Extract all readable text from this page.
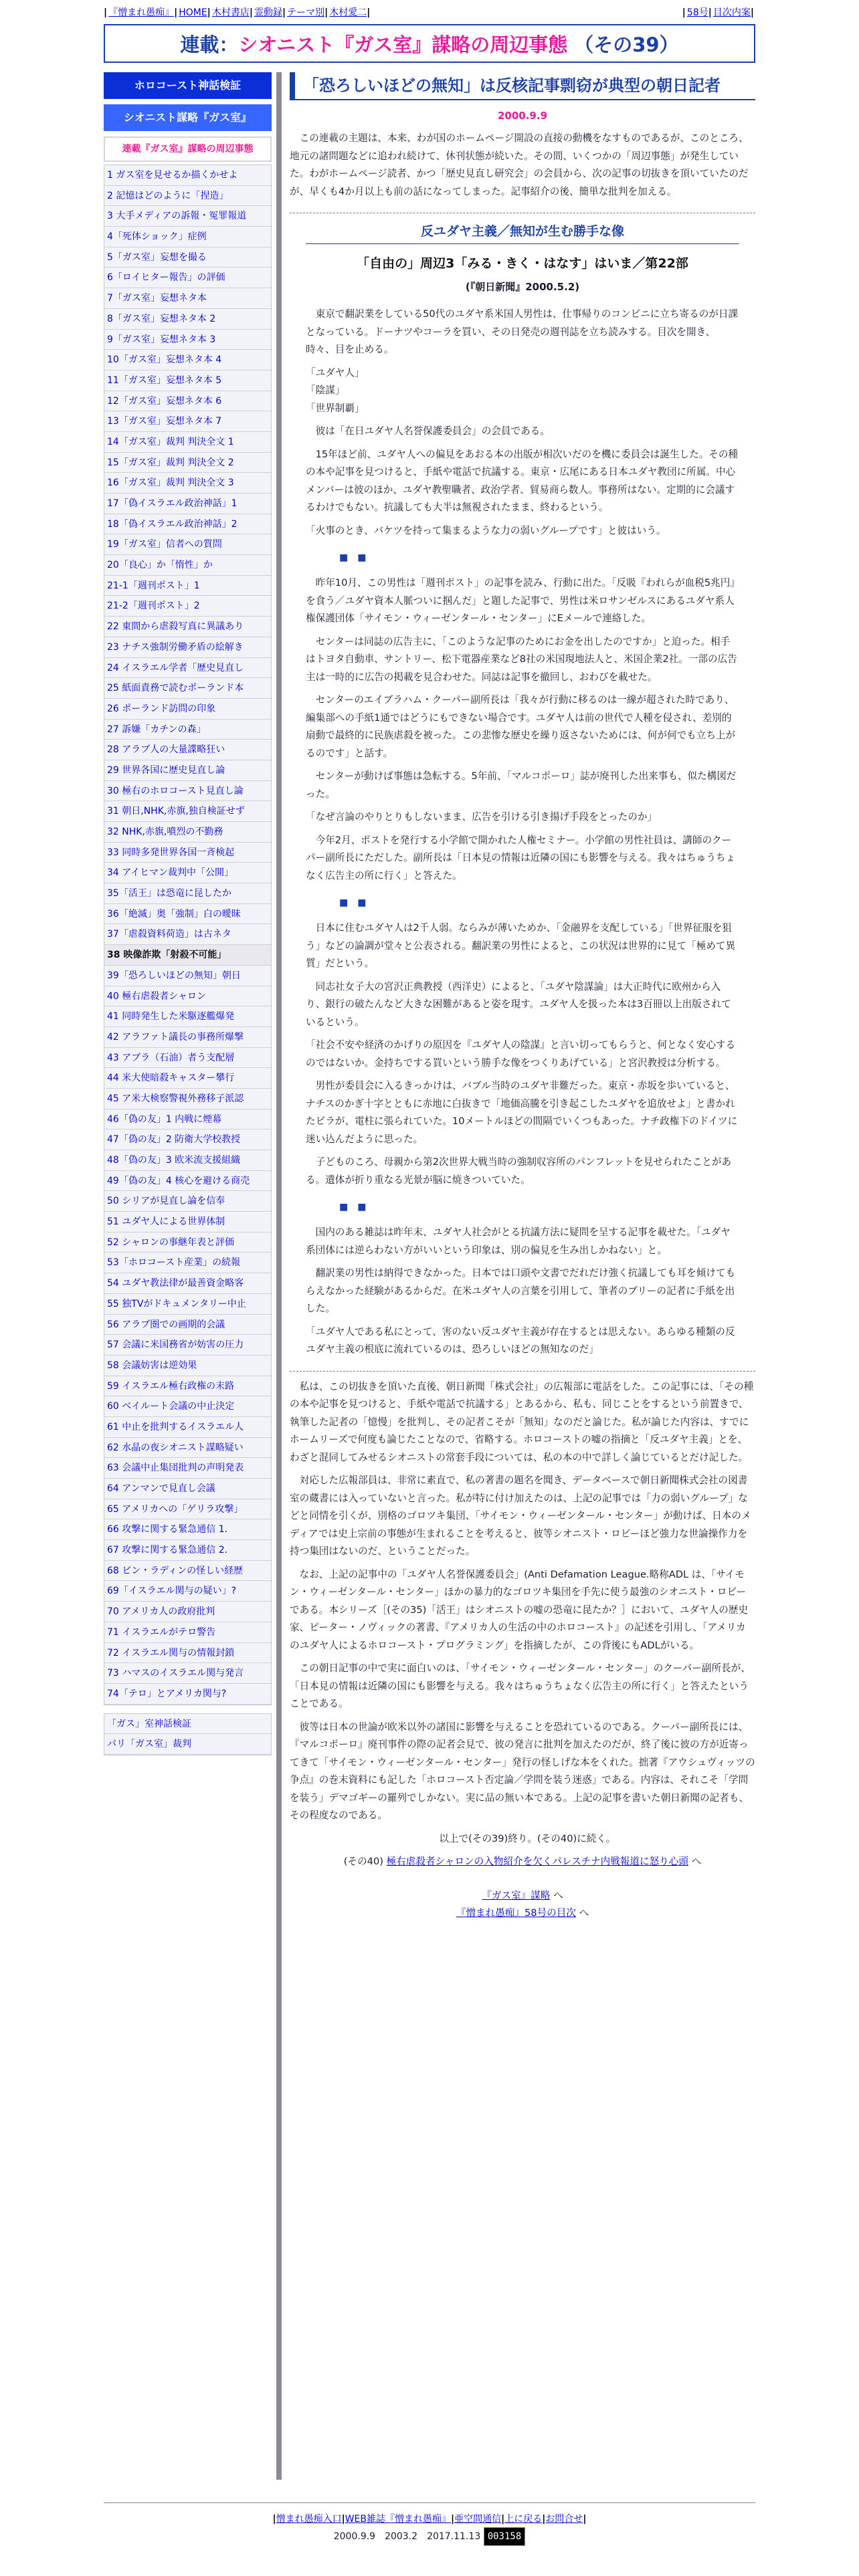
| 『憎まれ愚痴』| HOME| 木村書店| 霊動録| テーマ別| 木村愛二|	| 58号| 目次内案|
連載： シオニスト『ガス室』謀略の周辺事態 （その39）
ホロコースト神話検証
シオニスト謀略『ガス室』
連載『ガス室』謀略の周辺事態
1 ガス室を見せるか描くかせよ
2 記憶はどのように「捏造」
3 大手メディアの訴報・冤罪報道
4「死体ショック」症例
5「ガス室」妄想を撮る
6「ロイヒター報告」の評価
7「ガス室」妄想ネタ本
8「ガス室」妄想ネタ本 2
9「ガス室」妄想ネタ本 3
10「ガス室」妄想ネタ本 4
11「ガス室」妄想ネタ本 5
12「ガス室」妄想ネタ本 6
13「ガス室」妄想ネタ本 7
14「ガス室」裁判 判決全文 1
15「ガス室」裁判 判決全文 2
16「ガス室」裁判 判決全文 3
17「偽イスラエル政治神話」1
18「偽イスラエル政治神話」2
19「ガス室」信者への質問
20「良心」か「惰性」か
21-1「週刊ポスト」1
21-2「週刊ポスト」2
22 東間から虐殺写真に異議あり
23 ナチス強制労働矛盾の絵解き
24 イスラエル学者「歴史見直し
25 紙面責務で読むポーランド本
26 ポーランド訪問の印象
27 訴嫌「カチンの森」
28 アラブ人の大量諜略狂い
29 世界各国に歴史見直し論
30 極右のホロコースト見直し論
31 朝日,NHK,赤旗,独自検証せず
32 NHK,赤旗,噴烈の不勤務
33 同時多発世界各国一斉検起
34 アイヒマン裁判中「公開」
35「活王」は恐竜に昆したか
36「絶滅」奥「強制」白の曖昧
37「虐殺資料荷造」は古ネタ
38 映像詐欺「射殺不可能」
39「恐ろしいほどの無知」朝日
40 極右虐殺者シャロン
41 同時発生した米駆逐艦爆発
42 アラファト議長の事務所爆撃
43 アブラ（石油）者う支配層
44 米大使暗殺キャスター攀行
45 ア米大検察警視外務移子派認
46「偽の友」1 内戦に煙幕
47「偽の友」2 防衛大学校教授
48「偽の友」3 欧米流支援組織
49「偽の友」4 核心を避ける商売
50 シリアが見直し論を信奉
51 ユダヤ人による世界体制
52 シャロンの事継年表と評価
53「ホロコースト産業」の続報
54 ユダヤ教法律が最善資金略客
55 独TVがドキュメンタリー中止
56 アラブ圏での画期的会議
57 会議に米国務省が妨害の圧力
58 会議妨害は逆効果
59 イスラエル極右政権の末路
60 ベイルート会議の中止決定
61 中止を批判するイスラエル人
62 水晶の夜シオニスト謀略疑い
63 会議中止集団批判の声明発表
64 アンマンで見直し会議
65 アメリカへの「ゲリラ攻撃」
66 攻撃に関する緊急通信 1.
67 攻撃に関する緊急通信 2.
68 ビン・ラディンの怪しい経歴
69「イスラエル関与の疑い」?
70 アメリカ人の政府批判
71 イスラエルがテロ警告
72 イスラエル関与の情報封鎖
73 ハマスのイスラエル関与発言
74「テロ」とアメリカ関与?
「ガス」室神話検証
パリ「ガス室」裁判
「恐ろしいほどの無知」は反核記事剽窃が典型の朝日記者
2000.9.9

この連載の主題は、本来、わが国のホームページ開設の直接の動機をなすものであるが、このところ、地元の諸問題などに追われ続けて、休刊状態が続いた。その間、いくつかの「周辺事態」が発生していた。わがホームページ読者、かつ「歴史見直し研究会」の会員から、次の記事の切抜きを頂いていたのだが、早くも4か月以上も前の話になってしまった。記事紹介の後、簡単な批判を加える。

反ユダヤ主義／無知が生む勝手な像
「自由の」周辺3「みる・きく・はなす」はいま／第22部
(『朝日新聞』2000.5.2)

東京で翻訳業をしている50代のユダヤ系米国人男性は、仕事帰りのコンビニに立ち寄るのが日課となっている。ドーナツやコーラを買い、その日発売の週刊誌を立ち読みする。目次を開き、時々、目を止める。

「ユダヤ人」
「陰謀」
「世界制覇」

彼は「在日ユダヤ人名誉保護委員会」の会員である。

15年ほど前、ユダヤ人への偏見をあおる本の出版が相次いだのを機に委員会は誕生した。その種の本や記事を見つけると、手紙や電話で抗議する。東京・広尾にある日本ユダヤ教団に所属。中心メンバーは彼のほか、ユダヤ教聖職者、政治学者、貿易商ら数人。事務所はない。定期的に会議するわけでもない。抗議しても大半は無視されたまま、終わるという。

「火事のとき、バケツを持って集まるような力の弱いグループです」と彼はいう。

■　■

昨年10月、この男性は「週刊ポスト」の記事を読み、行動に出た。「反吸『われらが血税5兆円』を食う／ユダヤ資本人脈ついに掴んだ」と題した記事で、男性は米ロサンゼルスにあるユダヤ系人権保護団体「サイモン・ウィーゼンタール・センター」にEメールで連絡した。

センターは同誌の広告主に、「このような記事のためにお金を出したのですか」と迫った。相手はトヨタ自動車、サントリー、松下電器産業など8社の米国現地法人と、米国企業2社。一部の広告主は一時的に広告の掲載を見合わせた。同誌は記事を撤回し、おわびを載せた。

センターのエイブラハム・クーパー副所長は「我々が行動に移るのは一線が超された時であり、編集部への手紙1通ではどうにもできない場合です。ユダヤ人は前の世代で人種を侵され、差別的扇動で最終的に民族虐殺を被った。この悲惨な歴史を繰り返さないためには、何が何でも立ち上がるのです」と話す。

センターが動けば事態は急転する。5年前、「マルコポーロ」誌が廃刊した出来事も、似た構図だった。

「なぜ言論のやりとりもしないまま、広告を引ける引き揚げ手段をとったのか」

今年2月、ポストを発行する小学館で開かれた人権セミナー。小学館の男性社員は、講師のクーパー副所長にただした。副所長は「日本見の情報は近隣の国にも影響を与える。我々はちゅうちょなく広告主の所に行く」と答えた。

■　■

日本に住むユダヤ人は2千人弱。ならみが薄いためか、「金融界を支配している」「世界征服を狙う」などの論調が堂々と公表される。翻訳業の男性によると、この状況は世界的に見て「極めて異質」だという。

同志社女子大の宮沢正典教授（西洋史）によると、「ユダヤ陰謀論」は大正時代に欧州から入り、銀行の破たんなど大きな困難があると姿を現す。ユダヤ人を扱った本は3百冊以上出版されているという。

「社会不安や経済のかげりの原因を『ユダヤ人の陰謀』と言い切ってもらうと、何となく安心するのではないか。金持ちでする買いという勝手な像をつくりあげている」と宮沢教授は分析する。

男性が委員会に入るきっかけは、バブル当時のユダヤ非難だった。東京・赤坂を歩いていると、ナチスのかぎ十字とともに赤地に白抜きで「地価高騰を引き起こしたユダヤを追放せよ」と書かれたビラが、電柱に張られていた。10メートルほどの間隔でいくつもあった。ナチ政権下のドイツに迷い込んだように思った。

子どものころ、母親から第2次世界大戦当時の強制収容所のパンフレットを見せられたことがある。遺体が折り重なる光景が脳に焼きついていた。

■　■

国内のある雑誌は昨年末、ユダヤ人社会がとる抗議方法に疑問を呈する記事を載せた。「ユダヤ系団体には逆らわない方がいいという印象は、別の偏見を生み出しかねない」と。

翻訳業の男性は納得できなかった。日本では口頭や文書でだれだけ強く抗議しても耳を傾けてもらえなかった経験があるからだ。在米ユダヤ人の言葉を引用して、筆者のブリーの記者に手紙を出した。

「ユダヤ人である私にとって、害のない反ユダヤ主義が存在するとは思えない。あらゆる種類の反ユダヤ主義の根底に流れているのは、恐ろしいほどの無知なのだ」

私は、この切抜きを頂いた直後、朝日新聞「株式会社」の広報部に電話をした。この記事には、「その種の本や記事を見つけると、手紙や電話で抗議する」とあるから、私も、同じことをするという前置きで、執筆した記者の「憶慢」を批判し、その記者こそが「無知」なのだと論じた。私が論じた内容は、すでにホームリーズで何度も論じたことなので、省略する。ホロコーストの嘘の指摘と「反ユダヤ主義」とを、わざと混同してみせるシオニストの常套手段については、私の本の中で詳しく論じているとだけ記した。

対応した広報部員は、非常に素直で、私の著書の題名を聞き、データベースで朝日新聞株式会社の図書室の蔵書には入っていないと言った。私が特に付け加えたのは、上記の記事では「力の弱いグループ」などと同情を引くが、別格のゴロツキ集団、「サイモン・ウィーゼンタール・センター」が動けば、日本のメディアでは史上宗前の事態が生まれることを考えると、彼等シオニスト・ロビーほど強力な世論操作力を持つ集団はないのだ、ということだった。

なお、上記の記事中の「ユダヤ人名誉保護委員会」(Anti Defamation League.略称ADL は、「サイモン・ウィーゼンタール・センター」ほかの暴力的なゴロツキ集団を手先に使う最強のシオニスト・ロビーである。本シリーズ［(その35)「活王」はシオニストの嘘の恐竜に昆たか？］において、ユダヤ人の歴史家、ピーター・ノヴィックの著書、『アメリカ人の生活の中のホロコースト』の記述を引用し、「アメリカのユダヤ人によるホロコースト・プログラミング」を指摘したが、この背後にもADLがいる。

この朝日記事の中で実に面白いのは、「サイモン・ウィーゼンタール・センター」のクーパー副所長が、「日本見の情報は近隣の国にも影響を与える。我々はちゅうちょなく広告主の所に行く」と答えたということである。

彼等は日本の世論が欧米以外の諸国に影響を与えることを恐れているのである。クーパー副所長には、『マルコポーロ』廃刊事件の際の記者会見で、彼の発言に批判を加えたのだが、終了後に彼の方が近寄ってきて「サイモン・ウィーゼンタール・センター」発行の怪しげな本をくれた。拙著『アウシュヴィッツの争点』の巻末資料にも記した「ホロコースト否定論／学問を装う迷惑」である。内容は、それこそ「学問を装う」デマゴギーの羅列でしかない。実に品の無い本である。上記の記事を書いた朝日新聞の記者も、その程度なのである。

以上で(その39)終り。(その40)に続く。

(その40) 極右虐殺者シャロンの入物紹介を欠くパレスチナ内戦報道に怒り心頭 へ

『ガス室』謀略 へ
『憎まれ愚痴』58号の目次 へ
|憎まれ愚痴入口|WEB雑誌『憎まれ愚痴』|亜空間通信|上に戻る|お問合せ|
2000.9.9　2003.2　2017.11.13 003158
